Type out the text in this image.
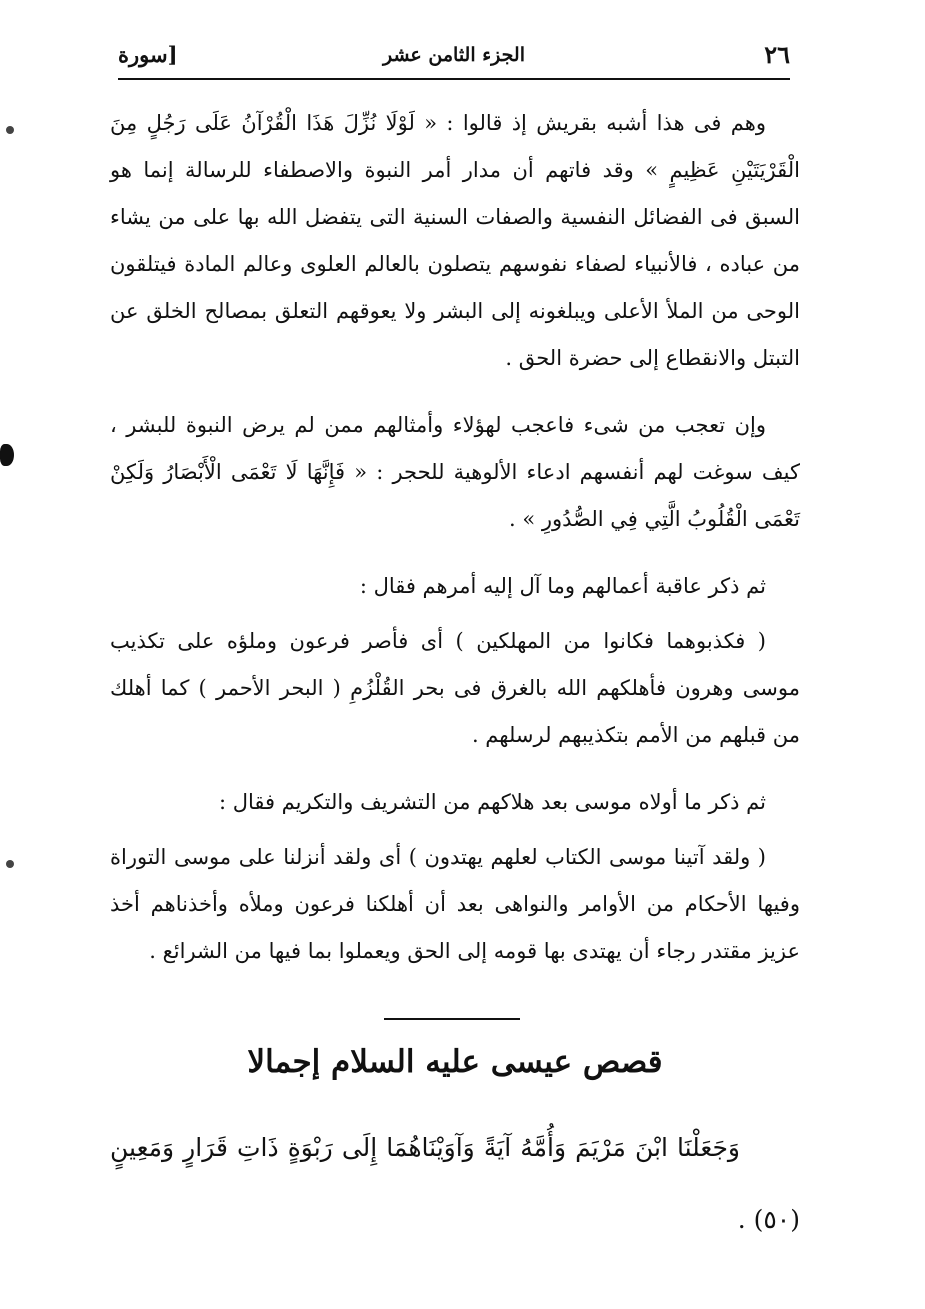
٢٦
الجزء الثامن عشر
[سورة

وهم فى هذا أشبه بقريش إذ قالوا : « لَوْلَا نُزِّلَ هَذَا الْقُرْآنُ عَلَى رَجُلٍ مِنَ الْقَرْيَتَيْنِ عَظِيمٍ » وقد فاتهم أن مدار أمر النبوة والاصطفاء للرسالة إنما هو السبق فى الفضائل النفسية والصفات السنية التى يتفضل الله بها على من يشاء من عباده ، فالأنبياء لصفاء نفوسهم يتصلون بالعالم العلوى وعالم المادة فيتلقون الوحى من الملأ الأعلى ويبلغونه إلى البشر ولا يعوقهم التعلق بمصالح الخلق عن التبتل والانقطاع إلى حضرة الحق .

وإن تعجب من شىء فاعجب لهؤلاء وأمثالهم ممن لم يرض النبوة للبشر ، كيف سوغت لهم أنفسهم ادعاء الألوهية للحجر : « فَإِنَّهَا لَا تَعْمَى الْأَبْصَارُ وَلَكِنْ تَعْمَى الْقُلُوبُ الَّتِي فِي الصُّدُورِ » .

ثم ذكر عاقبة أعمالهم وما آل إليه أمرهم فقال :

( فكذبوهما فكانوا من المهلكين ) أى فأصر فرعون وملؤه على تكذيب موسى وهرون فأهلكهم الله بالغرق فى بحر القُلْزُمِ ( البحر الأحمر ) كما أهلك من قبلهم من الأمم بتكذيبهم لرسلهم .

ثم ذكر ما أولاه موسى بعد هلاكهم من التشريف والتكريم فقال :

( ولقد آتينا موسى الكتاب لعلهم يهتدون ) أى ولقد أنزلنا على موسى التوراة وفيها الأحكام من الأوامر والنواهى بعد أن أهلكنا فرعون وملأه وأخذناهم أخذ عزيز مقتدر رجاء أن يهتدى بها قومه إلى الحق ويعملوا بما فيها من الشرائع .

قصص عيسى عليه السلام إجمالا

وَجَعَلْنَا ابْنَ مَرْيَمَ وَأُمَّهُ آيَةً وَآوَيْنَاهُمَا إِلَى رَبْوَةٍ ذَاتِ قَرَارٍ وَمَعِينٍ (٥٠) .
